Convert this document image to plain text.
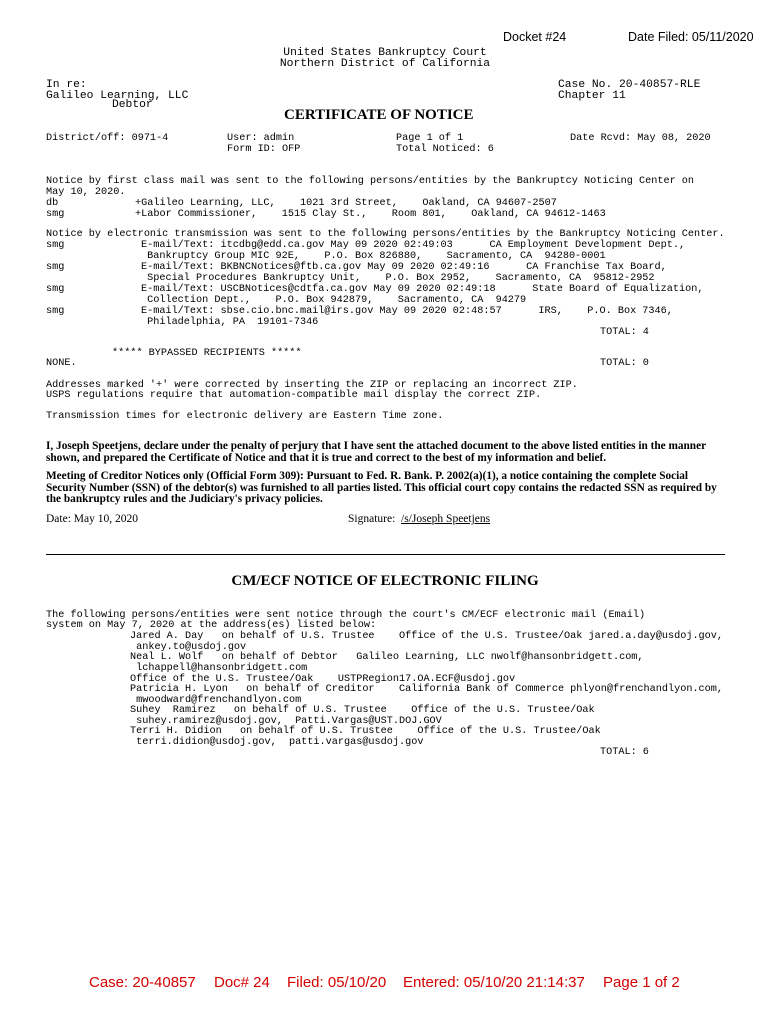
Docket #24	Date Filed: 05/11/2020
United States Bankruptcy Court
Northern District of California
In re:
Galileo Learning, LLC
Debtor
Case No. 20-40857-RLE
Chapter 11
CERTIFICATE OF NOTICE
District/off: 0971-4	User: admin
Form ID: OFP
Page 1 of 1
Total Noticed: 6
Date Rcvd: May 08, 2020
Notice by first class mail was sent to the following persons/entities by the Bankruptcy Noticing Center on
May 10, 2020.
db	+Galileo Learning, LLC,    1021 3rd Street,    Oakland, CA 94607-2507
smg	+Labor Commissioner,    1515 Clay St.,    Room 801,    Oakland, CA 94612-1463
Notice by electronic transmission was sent to the following persons/entities by the Bankruptcy Noticing Center.
smg	E-mail/Text: itcdbg@edd.ca.gov May 09 2020 02:49:03      CA Employment Development Dept.,
Bankruptcy Group MIC 92E,    P.O. Box 826880,    Sacramento, CA  94280-0001
smg	E-mail/Text: BKBNCNotices@ftb.ca.gov May 09 2020 02:49:16      CA Franchise Tax Board,
Special Procedures Bankruptcy Unit,    P.O. Box 2952,    Sacramento, CA  95812-2952
smg	E-mail/Text: USCBNotices@cdtfa.ca.gov May 09 2020 02:49:18      State Board of Equalization,
Collection Dept.,    P.O. Box 942879,    Sacramento, CA  94279
smg	E-mail/Text: sbse.cio.bnc.mail@irs.gov May 09 2020 02:48:57      IRS,    P.O. Box 7346,
Philadelphia, PA  19101-7346
TOTAL: 4
***** BYPASSED RECIPIENTS *****
NONE.	TOTAL: 0
Addresses marked '+' were corrected by inserting the ZIP or replacing an incorrect ZIP.
USPS regulations require that automation-compatible mail display the correct ZIP.
Transmission times for electronic delivery are Eastern Time zone.
I, Joseph Speetjens, declare under the penalty of perjury that I have sent the attached document to the above listed entities in the manner shown, and prepared the Certificate of Notice and that it is true and correct to the best of my information and belief.
Meeting of Creditor Notices only (Official Form 309): Pursuant to Fed. R. Bank. P. 2002(a)(1), a notice containing the complete Social Security Number (SSN) of the debtor(s) was furnished to all parties listed. This official court copy contains the redacted SSN as required by the bankruptcy rules and the Judiciary's privacy policies.
Date: May 10, 2020	Signature: /s/Joseph Speetjens
CM/ECF NOTICE OF ELECTRONIC FILING
The following persons/entities were sent notice through the court's CM/ECF electronic mail (Email)
system on May 7, 2020 at the address(es) listed below:
Jared A. Day   on behalf of U.S. Trustee    Office of the U.S. Trustee/Oak jared.a.day@usdoj.gov,
ankey.to@usdoj.gov
Neal L. Wolf   on behalf of Debtor   Galileo Learning, LLC nwolf@hansonbridgett.com,
lchappell@hansonbridgett.com
Office of the U.S. Trustee/Oak    USTPRegion17.OA.ECF@usdoj.gov
Patricia H. Lyon   on behalf of Creditor    California Bank of Commerce phlyon@frenchandlyon.com,
mwoodward@frenchandlyon.com
Suhey  Ramirez   on behalf of U.S. Trustee    Office of the U.S. Trustee/Oak
suhey.ramirez@usdoj.gov,  Patti.Vargas@UST.DOJ.GOV
Terri H. Didion   on behalf of U.S. Trustee    Office of the U.S. Trustee/Oak
terri.didion@usdoj.gov,  patti.vargas@usdoj.gov
TOTAL: 6
Case: 20-40857 Doc# 24 Filed: 05/10/20 Entered: 05/10/20 21:14:37 Page 1 of 2
